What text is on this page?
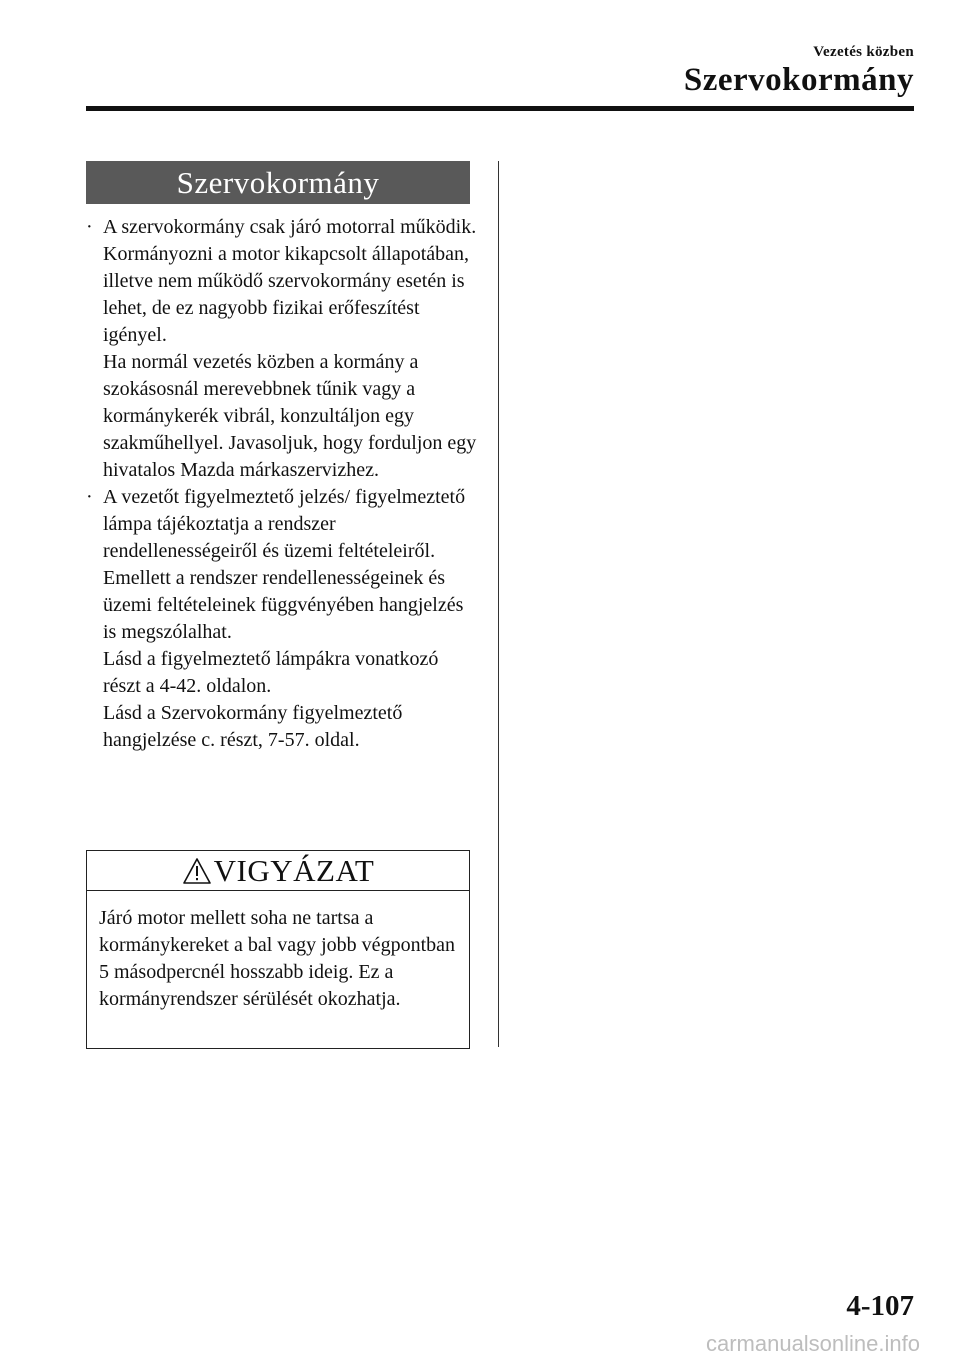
Vezetés közben
Szervokormány
Szervokormány
· A szervokormány csak járó motorral működik. Kormányozni a motor kikapcsolt állapotában, illetve nem működő szervokormány esetén is lehet, de ez nagyobb fizikai erőfeszítést igényel.
Ha normál vezetés közben a kormány a szokásosnál merevebbnek tűnik vagy a kormánykerék vibrál, konzultáljon egy szakműhellyel. Javasoljuk, hogy forduljon egy hivatalos Mazda márkaszervizhez.
· A vezetőt figyelmeztető jelzés/ figyelmeztető lámpa tájékoztatja a rendszer rendellenességeiről és üzemi feltételeiről.
Emellett a rendszer rendellenességeinek és üzemi feltételeinek függvényében hangjelzés is megszólalhat.
Lásd a figyelmeztető lámpákra vonatkozó részt a 4-42. oldalon.
Lásd a Szervokormány figyelmeztető hangjelzése c. részt, 7-57. oldal.
VIGYÁZAT
Járó motor mellett soha ne tartsa a kormánykereket a bal vagy jobb végpontban 5 másodpercnél hosszabb ideig. Ez a kormányrendszer sérülését okozhatja.
4-107
carmanualsonline.info
